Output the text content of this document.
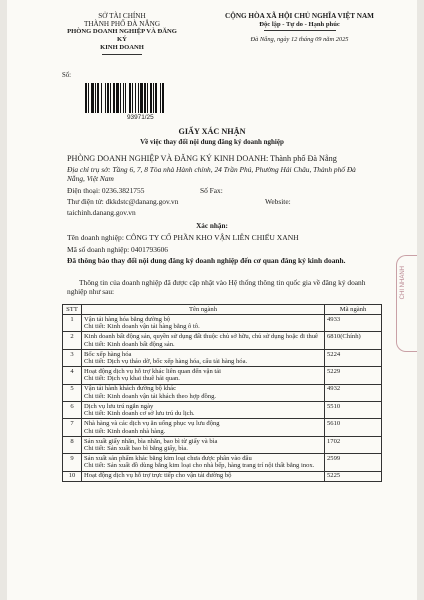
SỞ TÀI CHÍNH
THÀNH PHỐ ĐÀ NẴNG
PHÒNG DOANH NGHIỆP VÀ ĐĂNG KÝ
KINH DOANH
CỘNG HÒA XÃ HỘI CHỦ NGHĨA VIỆT NAM
Độc lập - Tự do - Hạnh phúc
Đà Nẵng, ngày 12 tháng 09 năm 2025
Số:
93971/25
CHI NHÁNH
GIẤY XÁC NHẬN
Về việc thay đổi nội dung đăng ký doanh nghiệp
PHÒNG DOANH NGHIỆP VÀ ĐĂNG KÝ KINH DOANH: Thành phố Đà Nẵng
Địa chỉ trụ sở: Tầng 6, 7, 8 Tòa nhà Hành chính, 24 Trần Phú, Phường Hải Châu, Thành phố Đà Nẵng, Việt Nam
Điện thoại: 0236.3821755	Số Fax:
Thư điện tử: dkkdstc@danang.gov.vn	Website:
taichinh.danang.gov.vn
Xác nhận:
Tên doanh nghiệp: CÔNG TY CỔ PHẦN KHO VẬN LIÊN CHIỂU XANH
Mã số doanh nghiệp: 0401793606
Đã thông báo thay đổi nội dung đăng ký doanh nghiệp đến cơ quan đăng ký kinh doanh.
Thông tin của doanh nghiệp đã được cập nhật vào Hệ thống thông tin quốc gia về đăng ký doanh nghiệp như sau:
STT	Tên ngành	Mã ngành
1	Vận tải hàng hóa bằng đường bộ
Chi tiết: Kinh doanh vận tải hàng bằng ô tô.	4933
2	Kinh doanh bất động sản, quyền sử dụng đất thuộc chủ sở hữu, chủ sử dụng hoặc đi thuê
Chi tiết: Kinh doanh bất động sản.	6810(Chính)
3	Bốc xếp hàng hóa
Chi tiết: Dịch vụ tháo dỡ, bốc xếp hàng hóa, cẩu tải hàng hóa.	5224
4	Hoạt động dịch vụ hỗ trợ khác liên quan đến vận tải
Chi tiết: Dịch vụ khai thuê hải quan.	5229
5	Vận tải hành khách đường bộ khác
Chi tiết: Kinh doanh vận tải khách theo hợp đồng.	4932
6	Dịch vụ lưu trú ngắn ngày
Chi tiết: Kinh doanh cơ sở lưu trú du lịch.	5510
7	Nhà hàng và các dịch vụ ăn uống phục vụ lưu động
Chi tiết: Kinh doanh nhà hàng.	5610
8	Sản xuất giấy nhăn, bìa nhăn, bao bì từ giấy và bìa
Chi tiết: Sản xuất bao bì bằng giấy, bìa.	1702
9	Sản xuất sản phẩm khác bằng kim loại chưa được phân vào đâu
Chi tiết: Sản xuất đồ dùng bằng kim loại cho nhà bếp, hàng trang trí nội thất bằng inox.	2599
10	Hoạt động dịch vụ hỗ trợ trực tiếp cho vận tải đường bộ	5225
